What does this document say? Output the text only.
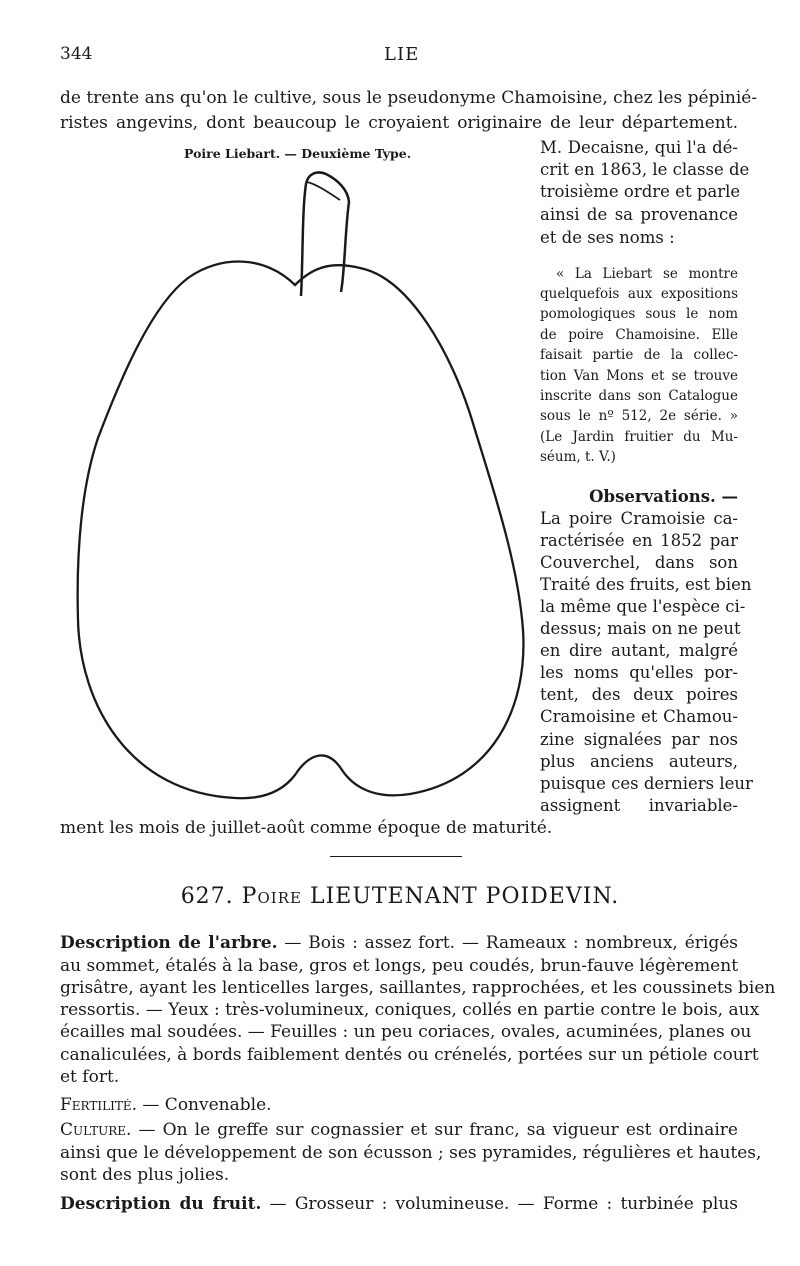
344	LIE
de trente ans qu'on le cultive, sous le pseudonyme Chamoisine, chez les pépinié-
ristes angevins, dont beaucoup le croyaient originaire de leur département.
Poire Liebart. — Deuxième Type.	M. Decaisne, qui l'a dé-
crit en 1863, le classe de
troisième ordre et parle
ainsi de sa provenance
et de ses noms :
« La Liebart se montre
quelquefois aux expositions
pomologiques sous le nom
de poire Chamoisine. Elle
faisait partie de la collec-
tion Van Mons et se trouve
inscrite dans son Catalogue
sous le nº 512, 2e série. »
(Le Jardin fruitier du Mu-
séum, t. V.)
Observations. —
La poire Cramoisie ca-
ractérisée en 1852 par
Couverchel, dans son
Traité des fruits, est bien
la même que l'espèce ci-
dessus; mais on ne peut
en dire autant, malgré
les noms qu'elles por-
tent, des deux poires
Cramoisine et Chamou-
zine signalées par nos
plus anciens auteurs,
puisque ces derniers leur
assignent invariable-
ment les mois de juillet-août comme époque de maturité.
627. Poire LIEUTENANT POIDEVIN.
Description de l'arbre. — Bois : assez fort. — Rameaux : nombreux, érigés
au sommet, étalés à la base, gros et longs, peu coudés, brun-fauve légèrement
grisâtre, ayant les lenticelles larges, saillantes, rapprochées, et les coussinets bien
ressortis. — Yeux : très-volumineux, coniques, collés en partie contre le bois, aux
écailles mal soudées. — Feuilles : un peu coriaces, ovales, acuminées, planes ou
canaliculées, à bords faiblement dentés ou crénelés, portées sur un pétiole court
et fort.
Fertilité. — Convenable.
Culture. — On le greffe sur cognassier et sur franc, sa vigueur est ordinaire
ainsi que le développement de son écusson ; ses pyramides, régulières et hautes,
sont des plus jolies.
Description du fruit. — Grosseur : volumineuse. — Forme : turbinée plus
